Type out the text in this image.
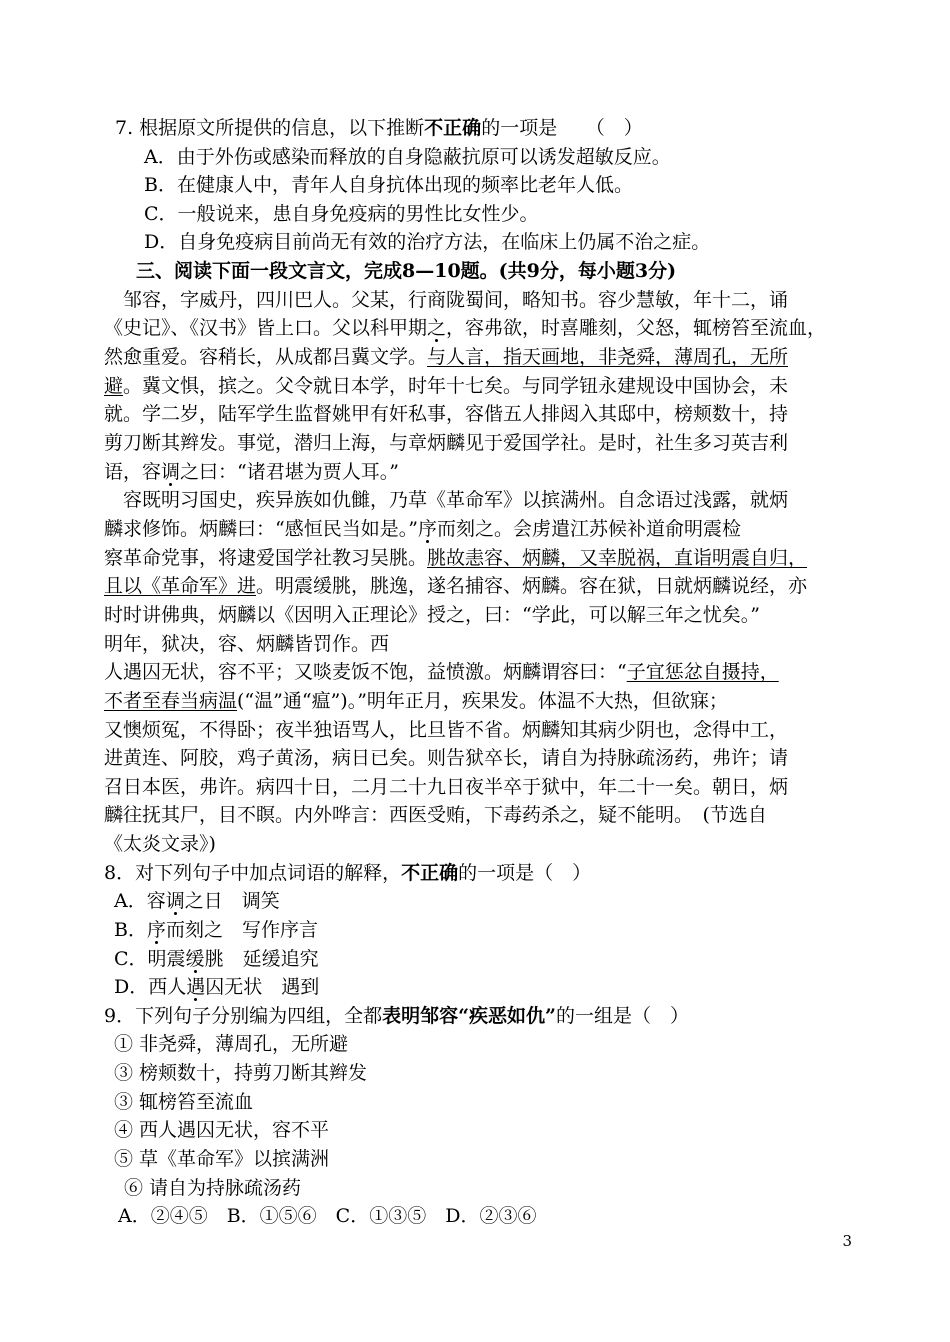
7. 根据原文所提供的信息，以下推断不正确的一项是　　（　）
A．由于外伤或感染而释放的自身隐蔽抗原可以诱发超敏反应。
B．在健康人中，青年人自身抗体出现的频率比老年人低。
C．一般说来，患自身免疫病的男性比女性少。
D．自身免疫病目前尚无有效的治疗方法，在临床上仍属不治之症。
三、阅读下面一段文言文，完成8—10题。(共9分，每小题3分)
　邹容，字威丹，四川巴人。父某，行商陇蜀间，略知书。容少慧敏，年十二，诵
《史记》、《汉书》皆上口。父以科甲期之，容弗欲，时喜雕刻，父怒，辄榜笞至流血，
然愈重爱。容稍长，从成都吕冀文学。与人言，指天画地，非尧舜，薄周孔，无所
避。冀文惧，摈之。父令就日本学，时年十七矣。与同学钮永建规设中国协会，未
就。学二岁，陆军学生监督姚甲有奸私事，容偕五人排闼入其邸中，榜颊数十，持
剪刀断其辫发。事觉，潜归上海，与章炳麟见于爱国学社。是时，社生多习英吉利
语，容调之曰：“诸君堪为贾人耳。”
　容既明习国史，疾异族如仇雠，乃草《革命军》以摈满州。自念语过浅露，就炳
麟求修饰。炳麟曰：“感恒民当如是。”序而刻之。会虏遣江苏候补道俞明震检
察革命党事，将逮爱国学社教习吴朓。朓故恚容、炳麟，又幸脱祸，直诣明震自归，
且以《革命军》进。明震缓朓，朓逸，遂名捕容、炳麟。容在狱，日就炳麟说经，亦
时时讲佛典，炳麟以《因明入正理论》授之，曰：“学此，可以解三年之忧矣。”
明年，狱决，容、炳麟皆罚作。西
人遇囚无状，容不平；又啖麦饭不饱，益愤激。炳麟谓容曰：“子宜惩忿自摄持，
不者至春当病温(“温”通“瘟”)。”明年正月，疾果发。体温不大热，但欲寐；
又懊烦冤，不得卧；夜半独语骂人，比旦皆不省。炳麟知其病少阴也，念得中工，
进黄连、阿胶，鸡子黄汤，病日已矣。则告狱卒长，请自为持脉疏汤药，弗许；请
召日本医，弗许。病四十日，二月二十九日夜半卒于狱中，年二十一矣。朝日，炳
麟往抚其尸，目不瞑。内外哗言：西医受贿，下毒药杀之，疑不能明。　(节选自
《太炎文录》)
8．对下列句子中加点词语的解释，不正确的一项是（　）
A．容调之日　调笑
B．序而刻之　写作序言
C．明震缓朓　延缓追究
D．西人遇囚无状　遇到
9．下列句子分别编为四组，全都表明邹容“疾恶如仇”的一组是（　）
① 非尧舜，薄周孔，无所避
③ 榜颊数十，持剪刀断其辫发
③ 辄榜笞至流血
④ 西人遇囚无状，容不平
⑤ 草《革命军》以摈满洲
⑥ 请自为持脉疏汤药
A．②④⑤　B．①⑤⑥　C．①③⑤　D．②③⑥
3
